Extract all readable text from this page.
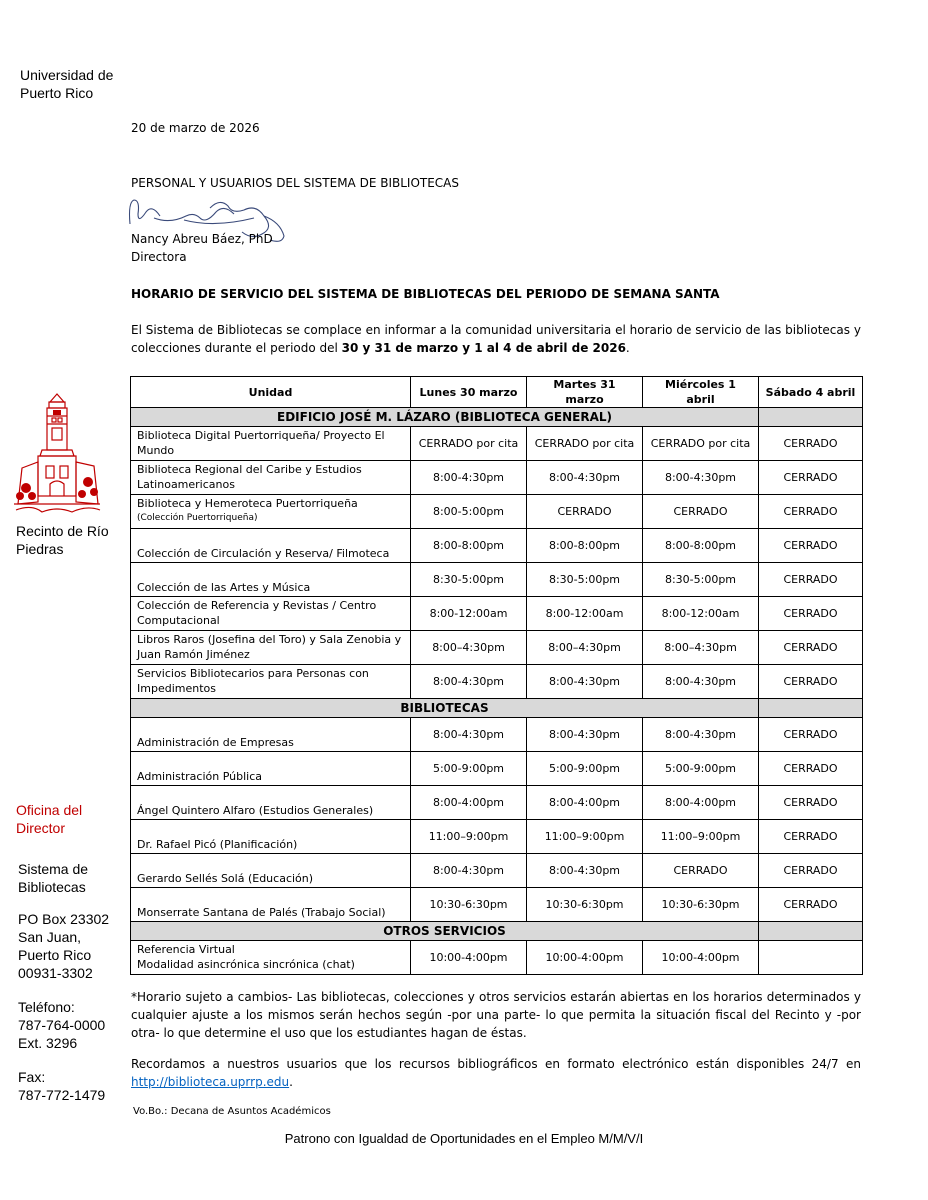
Universidad de Puerto Rico
Recinto de Río Piedras
Oficina del Director
Sistema de Bibliotecas
PO Box 23302
San Juan,
Puerto Rico
00931-3302
Teléfono:
787-764-0000
Ext. 3296
Fax:
787-772-1479
20 de marzo de 2026
PERSONAL Y USUARIOS DEL SISTEMA DE BIBLIOTECAS
Nancy Abreu Báez, PhD
Directora
HORARIO DE SERVICIO DEL SISTEMA DE BIBLIOTECAS DEL PERIODO DE SEMANA SANTA
El Sistema de Bibliotecas se complace en informar a la comunidad universitaria el horario de servicio de las bibliotecas y colecciones durante el periodo del 30 y 31 de marzo y 1 al 4 de abril de 2026.
Unidad	Lunes 30 marzo	Martes 31 marzo	Miércoles 1 abril	Sábado 4 abril
EDIFICIO JOSÉ M. LÁZARO (BIBLIOTECA GENERAL)				
Biblioteca Digital Puertorriqueña/ Proyecto El Mundo	CERRADO por cita	CERRADO por cita	CERRADO por cita	CERRADO
Biblioteca Regional del Caribe y Estudios Latinoamericanos	8:00-4:30pm	8:00-4:30pm	8:00-4:30pm	CERRADO

Biblioteca y Hemeroteca Puertorriqueña
(Colección Puertorriqueña)	8:00-5:00pm	CERRADO	CERRADO	CERRADO
Colección de Circulación y Reserva/ Filmoteca	8:00-8:00pm	8:00-8:00pm	8:00-8:00pm	CERRADO
Colección de las Artes y Música	8:30-5:00pm	8:30-5:00pm	8:30-5:00pm	CERRADO
Colección de Referencia y Revistas / Centro Computacional	8:00-12:00am	8:00-12:00am	8:00-12:00am	CERRADO
Libros Raros (Josefina del Toro) y Sala Zenobia y Juan Ramón Jiménez	8:00–4:30pm	8:00–4:30pm	8:00–4:30pm	CERRADO
Servicios Bibliotecarios para Personas con Impedimentos	8:00-4:30pm	8:00-4:30pm	8:00-4:30pm	CERRADO
BIBLIOTECAS				
Administración de Empresas	8:00-4:30pm	8:00-4:30pm	8:00-4:30pm	CERRADO
Administración Pública	5:00-9:00pm	5:00-9:00pm	5:00-9:00pm	CERRADO
Ángel Quintero Alfaro (Estudios Generales)	8:00-4:00pm	8:00-4:00pm	8:00-4:00pm	CERRADO
Dr. Rafael Picó (Planificación)	11:00–9:00pm	11:00–9:00pm	11:00–9:00pm	CERRADO
Gerardo Sellés Solá (Educación)	8:00-4:30pm	8:00-4:30pm	CERRADO	CERRADO
Monserrate Santana de Palés (Trabajo Social)	10:30-6:30pm	10:30-6:30pm	10:30-6:30pm	CERRADO
OTROS SERVICIOS				

Referencia Virtual
Modalidad asincrónica sincrónica (chat)	10:00-4:00pm	10:00-4:00pm	10:00-4:00pm	
*Horario sujeto a cambios- Las bibliotecas, colecciones y otros servicios estarán abiertas en los horarios determinados y cualquier ajuste a los mismos serán hechos según -por una parte- lo que permita la situación fiscal del Recinto y -por otra- lo que determine el uso que los estudiantes hagan de éstas.
Recordamos a nuestros usuarios que los recursos bibliográficos en formato electrónico están disponibles 24/7 en http://biblioteca.uprrp.edu.
Vo.Bo.: Decana de Asuntos Académicos
Patrono con Igualdad de Oportunidades en el Empleo M/M/V/I
